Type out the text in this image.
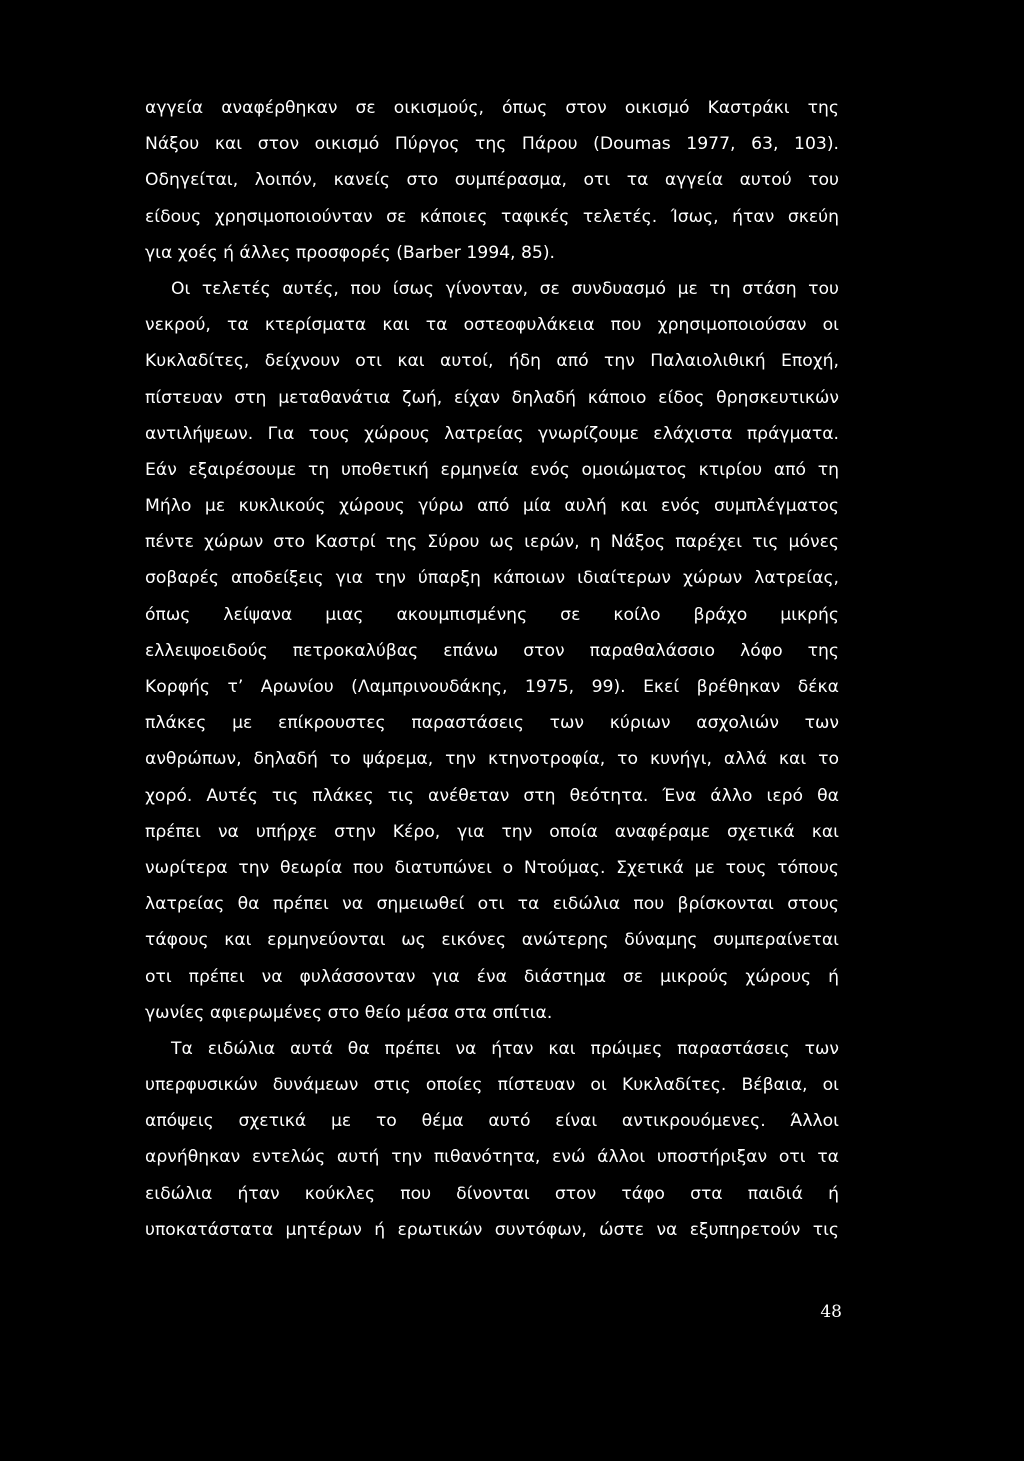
αγγεία αναφέρθηκαν σε οικισμούς, όπως στον οικισμό Καστράκι της
Νάξου και στον οικισμό Πύργος της Πάρου (Doumas 1977, 63, 103).
Οδηγείται, λοιπόν, κανείς στο συμπέρασμα, οτι τα αγγεία αυτού του
είδους χρησιμοποιούνταν σε κάποιες ταφικές τελετές. Ίσως, ήταν σκεύη
για χοές ή άλλες προσφορές (Barber 1994, 85).
Οι τελετές αυτές, που ίσως γίνονταν, σε συνδυασμό με τη στάση του
νεκρού, τα κτερίσματα και τα οστεοφυλάκεια που χρησιμοποιούσαν οι
Κυκλαδίτες, δείχνουν οτι και αυτοί, ήδη από την Παλαιολιθική Εποχή,
πίστευαν στη μεταθανάτια ζωή, είχαν δηλαδή κάποιο είδος θρησκευτικών
αντιλήψεων. Για τους χώρους λατρείας γνωρίζουμε ελάχιστα πράγματα.
Εάν εξαιρέσουμε τη υποθετική ερμηνεία ενός ομοιώματος κτιρίου από τη
Μήλο με κυκλικούς χώρους γύρω από μία αυλή και ενός συμπλέγματος
πέντε χώρων στο Καστρί της Σύρου ως ιερών, η Νάξος παρέχει τις μόνες
σοβαρές αποδείξεις για την ύπαρξη κάποιων ιδιαίτερων χώρων λατρείας,
όπως λείψανα μιας ακουμπισμένης σε κοίλο βράχο μικρής
ελλειψοειδούς πετροκαλύβας επάνω στον παραθαλάσσιο λόφο της
Κορφής τ’ Αρωνίου (Λαμπρινουδάκης, 1975, 99). Εκεί βρέθηκαν δέκα
πλάκες με επίκρουστες παραστάσεις των κύριων ασχολιών των
ανθρώπων, δηλαδή το ψάρεμα, την κτηνοτροφία, το κυνήγι, αλλά και το
χορό. Αυτές τις πλάκες τις ανέθεταν στη θεότητα. Ένα άλλο ιερό θα
πρέπει να υπήρχε στην Κέρο, για την οποία αναφέραμε σχετικά και
νωρίτερα την θεωρία που διατυπώνει ο Ντούμας. Σχετικά με τους τόπους
λατρείας θα πρέπει να σημειωθεί οτι τα ειδώλια που βρίσκονται στους
τάφους και ερμηνεύονται ως εικόνες ανώτερης δύναμης συμπεραίνεται
οτι πρέπει να φυλάσσονταν για ένα διάστημα σε μικρούς χώρους ή
γωνίες αφιερωμένες στο θείο μέσα στα σπίτια.
Τα ειδώλια αυτά θα πρέπει να ήταν και πρώιμες παραστάσεις των
υπερφυσικών δυνάμεων στις οποίες πίστευαν οι Κυκλαδίτες. Βέβαια, οι
απόψεις σχετικά με το θέμα αυτό είναι αντικρουόμενες. Άλλοι
αρνήθηκαν εντελώς αυτή την πιθανότητα, ενώ άλλοι υποστήριξαν οτι τα
ειδώλια ήταν κούκλες που δίνονται στον τάφο στα παιδιά ή
υποκατάστατα μητέρων ή ερωτικών συντόφων, ώστε να εξυπηρετούν τις
48
